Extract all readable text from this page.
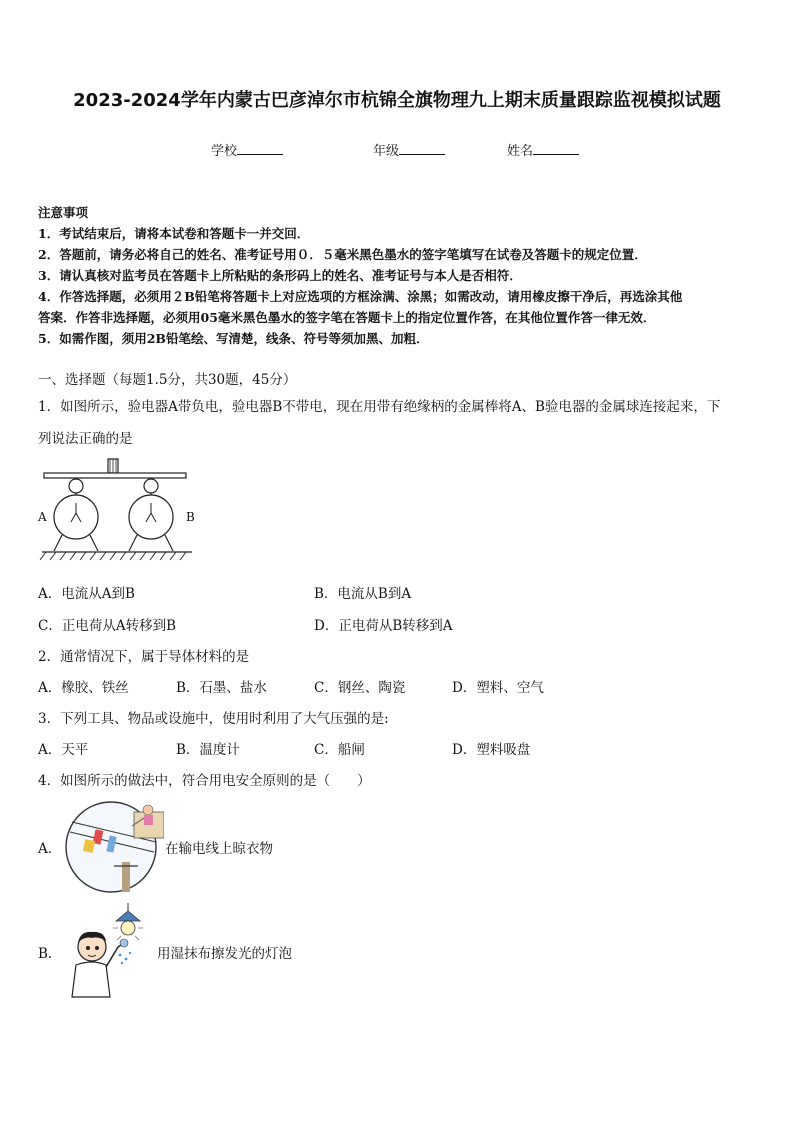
2023-2024学年内蒙古巴彦淖尔市杭锦全旗物理九上期末质量跟踪监视模拟试题
学校	年级	姓名
注意事项
1．考试结束后，请将本试卷和答题卡一并交回．
2．答题前，请务必将自己的姓名、准考证号用０．５毫米黑色墨水的签字笔填写在试卷及答题卡的规定位置．
3．请认真核对监考员在答题卡上所粘贴的条形码上的姓名、准考证号与本人是否相符．
4．作答选择题，必须用２B铅笔将答题卡上对应选项的方框涂满、涂黑；如需改动，请用橡皮擦干净后，再选涂其他
答案．作答非选择题，必须用05毫米黑色墨水的签字笔在答题卡上的指定位置作答，在其他位置作答一律无效．
5．如需作图，须用2B铅笔绘、写清楚，线条、符号等须加黑、加粗．
一、选择题（每题1.5分，共30题，45分）
1．如图所示，验电器A带负电，验电器B不带电，现在用带有绝缘柄的金属棒将A、B验电器的金属球连接起来，下
列说法正确的是
A	B
A．电流从A到B	B．电流从B到A
C．正电荷从A转移到B	D．正电荷从B转移到A
2．通常情况下，属于导体材料的是
A．橡胶、铁丝	B．石墨、盐水	C．钢丝、陶瓷	D．塑料、空气
3．下列工具、物品或设施中，使用时利用了大气压强的是:
A．天平	B．温度计	C．船闸	D．塑料吸盘
4．如图所示的做法中，符合用电安全原则的是（　　）
A．	在输电线上晾衣物
B．	用湿抹布擦发光的灯泡
